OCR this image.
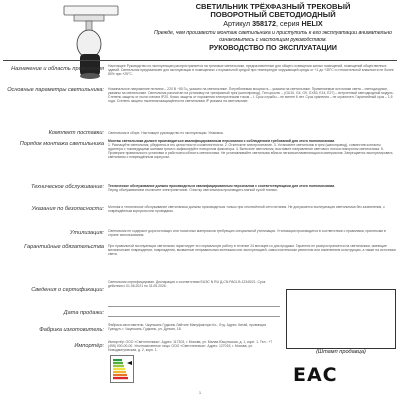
СВЕТИЛЬНИК ТРЁХФАЗНЫЙ ТРЕКОВЫЙ
ПОВОРОТНЫЙ СВЕТОДИОДНЫЙ
Артикул 358172, серия HELIX
Прежде, чем произвести монтаж светильника и приступить к его эксплуатации внимательно ознакомьтесь с настоящим руководством.
РУКОВОДСТВО ПО ЭКСПЛУАТАЦИИ
Назначение и область применения Настоящее Руководство по эксплуатации распространяется на трековые светильники, предназначенные для общего освещения жилых помещений, помещений общественных зданий. Светильник предназначен для эксплуатации в помещениях с нормальной средой при температуре окружающей среды от +1 до +35°С и относительной влажности не более 80% при +25°С.
Основные параметры светильника: Номинальное напряжение питания – 220 В ~50 Гц, указано на светильнике. Потребляемая мощность – указана на светильнике. Применяемые источники света – светодиодные, указаны на светильнике. Светильник рассчитан на установку на трехфазный трек (шинопровод). Тип цоколя: – (GU10, G4, G9, GX53, E14, E27) – встроенный светодиодный модуль. Степень защиты от пыли и влаги IP20. Класс защиты от поражения электрическим током – I. Срок службы – не менее 6 лет. Срок хранения – не ограничен. Гарантийный срок – 1,5 года. Степень защиты пылевлагозащищённости светильника IP указана на светильнике.
Комплект поставки: Светильник в сборе. Настоящее руководство по эксплуатации. Упаковка.
Порядок монтажа светильника Монтаж светильника должен производиться квалифицированным персоналом с соблюдением требований для этого полномочиями.
1. Распакуйте светильник, убедитесь в его целостности и комплектности. 2. Отключите электропитание. 3. Установите светильник в трек (шинопровод), совместив контакты адаптера с токоведущими шинами трека и зафиксируйте поворотом фиксатора. 4. Включите светильник, выставьте направление светового потока поворотом светильника. 5. Проверьте правильность установки и работоспособность светильника. Не устанавливайте светильник вблизи легковоспламеняющихся материалов. Запрещается эксплуатировать светильник с повреждённым корпусом.
Техническое обслуживание: Техническое обслуживание должно производиться квалифицированным персоналом с соответствующими для этого полномочиями.
Перед обслуживанием отключите электропитание. Очистку светильника производить мягкой сухой тканью.
Указания по безопасности: Монтаж и техническое обслуживание светильника должны производиться только при отключённой сети питания. Не допускается эксплуатация светильника без заземления, с повреждённым корпусом или проводами.
Утилизация: Светильник не содержит дорогостоящих или токсичных материалов требующих специальной утилизации. Утилизация производится в соответствии с правилами, принятыми в стране использования.
Гарантийные обязательства При правильной эксплуатации светильник гарантирует его нормальную работу в течение 24 месяцев со дня продажи. Гарантия не распространяется на светильники, имеющие механические повреждения, повреждения, вызванные неправильным монтажом или эксплуатацией, самостоятельным ремонтом или изменением конструкции, а также на источники света.
Сведения о сертификации:
Светильник сертифицирован. Декларация о соответствии ЕАЭС N RU Д-CN.PA01.B.12345/21. Срок действия с 01.06.2021 по 31.05.2026.
Дата продажи:
Фабрика изготовитель:
Фабрика-изготовитель: Чжуншань Гуджэнь Лайтинг Мануфактори Ко., Лтд. Адрес: Китай, провинция Гуандун, г. Чжуншань, Гуджэнь, ул. Дунсин, 18.
Импортёр:
Импортёр: ООО «Светотехника». Адрес: 117303, г. Москва, ул. Малая Юшуньская, д. 1, корп. 1. Тел.: +7 (495) 000-00-00. Уполномоченное лицо: ООО «Светотехника». Адрес: 127015, г. Москва, ул. Новодмитровская, д. 2, корп. 1.	(Штамп продавца)
ЕАС
1
